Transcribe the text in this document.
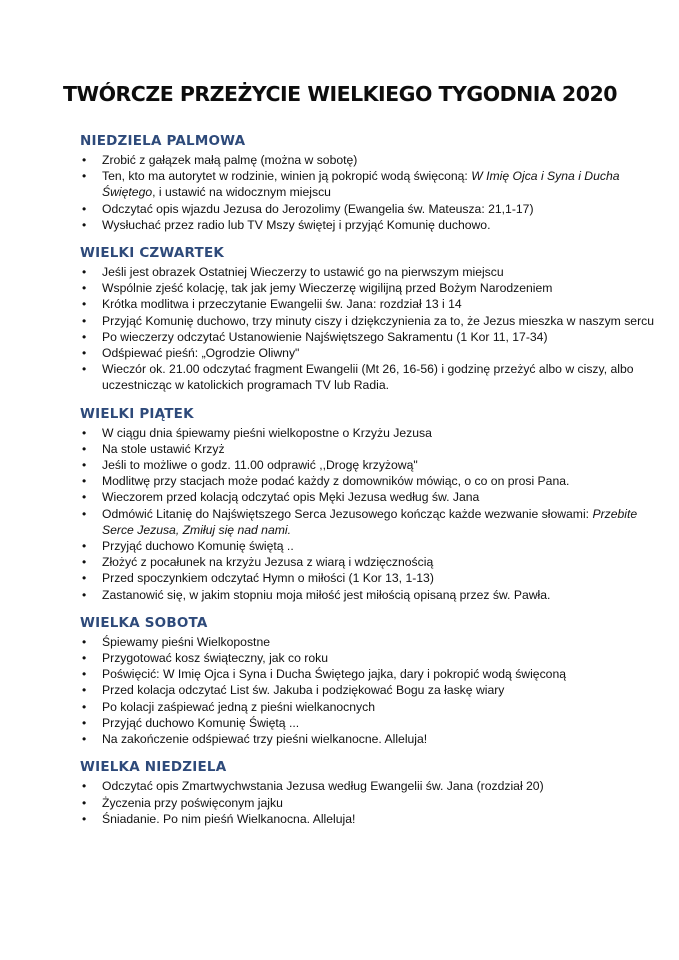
TWÓRCZE PRZEŻYCIE WIELKIEGO TYGODNIA 2020
NIEDZIELA PALMOWA
• Zrobić z gałązek małą palmę (można w sobotę)
• Ten, kto ma autorytet w rodzinie, winien ją pokropić wodą święconą: W Imię Ojca i Syna i Ducha Świętego, i ustawić na widocznym miejscu
• Odczytać opis wjazdu Jezusa do Jerozolimy (Ewangelia św. Mateusza: 21,1-17)
• Wysłuchać przez radio lub TV Mszy świętej i przyjąć Komunię duchowo.
WIELKI CZWARTEK
• Jeśli jest obrazek Ostatniej Wieczerzy to ustawić go na pierwszym miejscu
• Wspólnie zjeść kolację, tak jak jemy Wieczerzę wigilijną przed Bożym Narodzeniem
• Krótka modlitwa i przeczytanie Ewangelii św. Jana: rozdział 13 i 14
• Przyjąć Komunię duchowo, trzy minuty ciszy i dziękczynienia za to, że Jezus mieszka w naszym sercu
• Po wieczerzy odczytać Ustanowienie Najświętszego Sakramentu (1 Kor 11, 17-34)
• Odśpiewać pieśń: „Ogrodzie Oliwny"
• Wieczór ok. 21.00 odczytać fragment Ewangelii (Mt 26, 16-56) i godzinę przeżyć albo w ciszy, albo uczestnicząc w katolickich programach TV lub Radia.
WIELKI PIĄTEK
• W ciągu dnia śpiewamy pieśni wielkopostne o Krzyżu Jezusa
• Na stole ustawić Krzyż
• Jeśli to możliwe o godz. 11.00 odprawić ,,Drogę krzyżową"
• Modlitwę przy stacjach może podać każdy z domowników mówiąc, o co on prosi Pana.
• Wieczorem przed kolacją odczytać opis Męki Jezusa według św. Jana
• Odmówić Litanię do Najświętszego Serca Jezusowego kończąc każde wezwanie słowami: Przebite Serce Jezusa, Zmiłuj się nad nami.
• Przyjąć duchowo Komunię świętą ..
• Złożyć z pocałunek na krzyżu Jezusa z wiarą i wdzięcznością
• Przed spoczynkiem odczytać Hymn o miłości (1 Kor 13, 1-13)
• Zastanowić się, w jakim stopniu moja miłość jest miłością opisaną przez św. Pawła.
WIELKA SOBOTA
• Śpiewamy pieśni Wielkopostne
• Przygotować kosz świąteczny, jak co roku
• Poświęcić: W Imię Ojca i Syna i Ducha Świętego jajka, dary i pokropić wodą święconą
• Przed kolacja odczytać List św. Jakuba i podziękować Bogu za łaskę wiary
• Po kolacji zaśpiewać jedną z pieśni wielkanocnych
• Przyjąć duchowo Komunię Świętą ...
• Na zakończenie odśpiewać trzy pieśni wielkanocne. Alleluja!
WIELKA NIEDZIELA
• Odczytać opis Zmartwychwstania Jezusa według Ewangelii św. Jana (rozdział 20)
• Życzenia przy poświęconym jajku
• Śniadanie. Po nim pieśń Wielkanocna. Alleluja!
